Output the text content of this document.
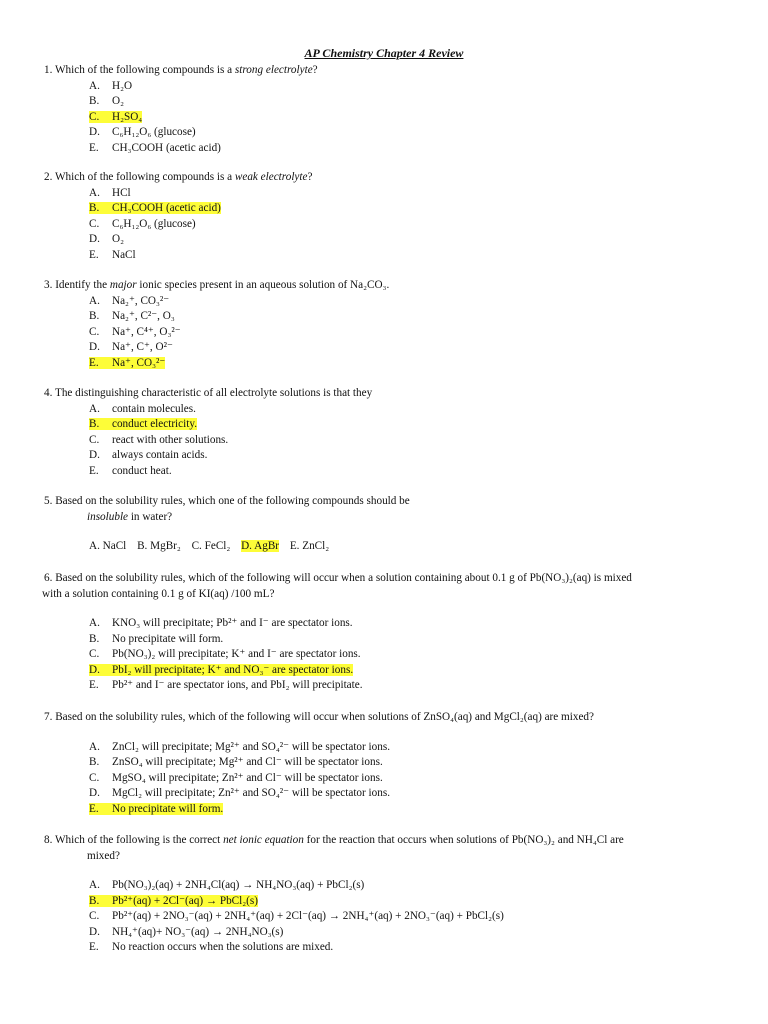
AP Chemistry Chapter 4 Review

1. Which of the following compounds is a strong electrolyte?

A. H₂O
B. O₂
C. H₂SO₄
D. C₆H₁₂O₆ (glucose)
E. CH₃COOH (acetic acid)

2. Which of the following compounds is a weak electrolyte?

A. HCl
B. CH₃COOH (acetic acid)
C. C₆H₁₂O₆ (glucose)
D. O₂
E. NaCl

3. Identify the major ionic species present in an aqueous solution of Na₂CO₃.

A. Na₂⁺, CO₃²⁻
B. Na₂⁺, C²⁻, O₃
C. Na⁺, C⁴⁺, O₃²⁻
D. Na⁺, C⁺, O²⁻
E. Na⁺, CO₃²⁻

4. The distinguishing characteristic of all electrolyte solutions is that they

A. contain molecules.
B. conduct electricity.
C. react with other solutions.
D. always contain acids.
E. conduct heat.

5. Based on the solubility rules, which one of the following compounds should be

insoluble in water?

A. NaCl B. MgBr₂ C. FeCl₂ D. AgBr E. ZnCl₂

6. Based on the solubility rules, which of the following will occur when a solution containing about 0.1 g of Pb(NO₃)₂(aq) is mixed

with a solution containing 0.1 g of KI(aq) /100 mL?

A. KNO₃ will precipitate; Pb²⁺ and I⁻ are spectator ions.
B. No precipitate will form.
C. Pb(NO₃)₂ will precipitate; K⁺ and I⁻ are spectator ions.
D. PbI₂ will precipitate; K⁺ and NO₃⁻ are spectator ions.
E. Pb²⁺ and I⁻ are spectator ions, and PbI₂ will precipitate.

7. Based on the solubility rules, which of the following will occur when solutions of ZnSO₄(aq) and MgCl₂(aq) are mixed?

A. ZnCl₂ will precipitate; Mg²⁺ and SO₄²⁻ will be spectator ions.
B. ZnSO₄ will precipitate; Mg²⁺ and Cl⁻ will be spectator ions.
C. MgSO₄ will precipitate; Zn²⁺ and Cl⁻ will be spectator ions.
D. MgCl₂ will precipitate; Zn²⁺ and SO₄²⁻ will be spectator ions.
E. No precipitate will form.

8. Which of the following is the correct net ionic equation for the reaction that occurs when solutions of Pb(NO₃)₂ and NH₄Cl are

mixed?

A. Pb(NO₃)₂(aq) + 2NH₄Cl(aq) → NH₄NO₃(aq) + PbCl₂(s)
B. Pb²⁺(aq) + 2Cl⁻(aq) → PbCl₂(s)
C. Pb²⁺(aq) + 2NO₃⁻(aq) + 2NH₄⁺(aq) + 2Cl⁻(aq) → 2NH₄⁺(aq) + 2NO₃⁻(aq) + PbCl₂(s)
D. NH₄⁺(aq)+ NO₃⁻(aq) → 2NH₄NO₃(s)
E. No reaction occurs when the solutions are mixed.
